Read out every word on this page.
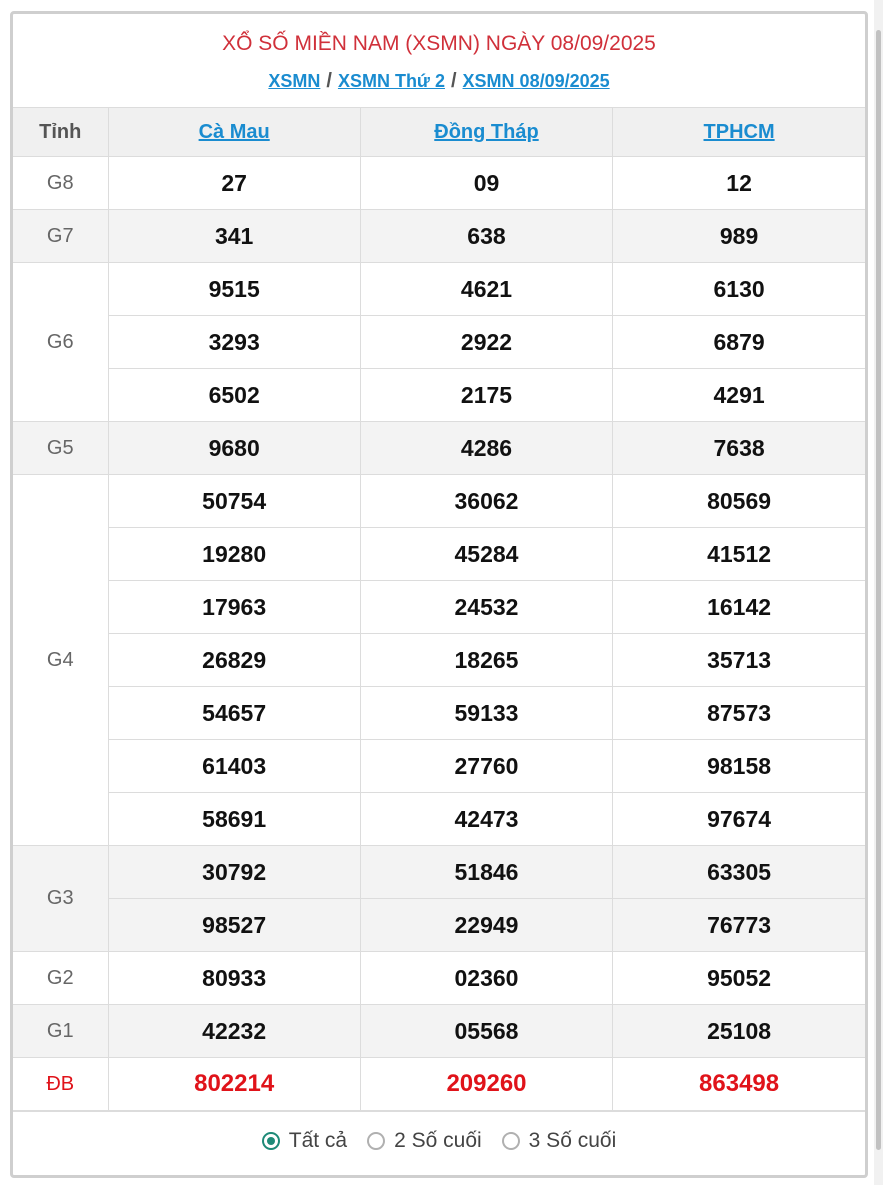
XỔ SỐ MIỀN NAM (XSMN) NGÀY 08/09/2025
XSMN / XSMN Thứ 2 / XSMN 08/09/2025
Tỉnh	Cà Mau	Đồng Tháp	TPHCM
G8	27	09	12
G7	341	638	989
G6	9515	4621	6130
	3293	2922	6879
	6502	2175	4291
G5	9680	4286	7638
G4	50754	36062	80569
	19280	45284	41512
	17963	24532	16142
	26829	18265	35713
	54657	59133	87573
	61403	27760	98158
	58691	42473	97674
G3	30792	51846	63305
	98527	22949	76773
G2	80933	02360	95052
G1	42232	05568	25108
ĐB	802214	209260	863498
Tất cả 2 Số cuối 3 Số cuối
